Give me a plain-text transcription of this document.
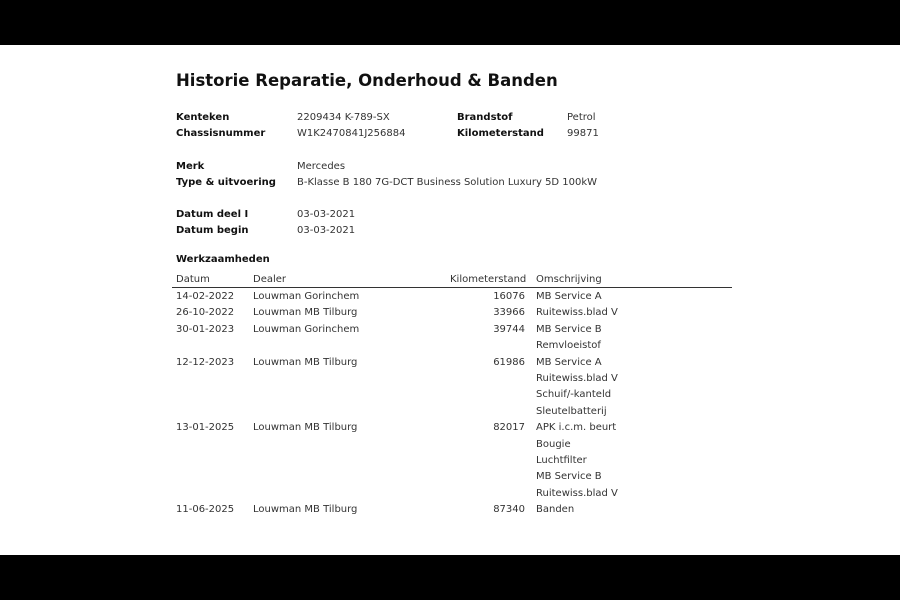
Historie Reparatie, Onderhoud & Banden
Kenteken	2209434 K-789-SX	Brandstof	Petrol
Chassisnummer	W1K2470841J256884	Kilometerstand 99871
Merk	Mercedes
Type & uitvoering B-Klasse B 180 7G-DCT Business Solution Luxury 5D 100kW
Datum deel I	03-03-2021
Datum begin	03-03-2021
Werkzaamheden
Datum	Dealer	Kilometerstand Omschrijving
14-02-2022 Louwman Gorinchem	16076 MB Service A
26-10-2022 Louwman MB Tilburg	33966 Ruitewiss.blad V
30-01-2023 Louwman Gorinchem	39744 MB Service B
Remvloeistof
12-12-2023 Louwman MB Tilburg	61986 MB Service A
Ruitewiss.blad V
Schuif/-kanteld
Sleutelbatterij
13-01-2025 Louwman MB Tilburg	82017 APK i.c.m. beurt
Bougie
Luchtfilter
MB Service B
Ruitewiss.blad V
11-06-2025 Louwman MB Tilburg	87340 Banden
